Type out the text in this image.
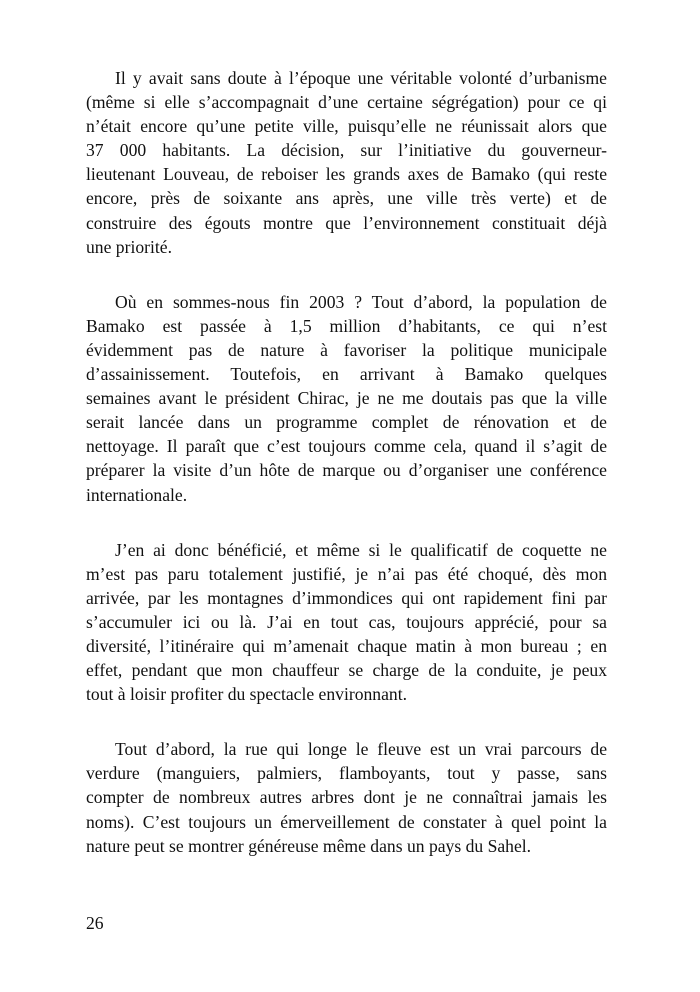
Il y avait sans doute à l’époque une véritable volonté d’urbanisme
(même si elle s’accompagnait d’une certaine ségrégation) pour ce qi
n’était encore qu’une petite ville, puisqu’elle ne réunissait alors que
37 000 habitants. La décision, sur l’initiative du gouverneur-
lieutenant Louveau, de reboiser les grands axes de Bamako (qui reste
encore, près de soixante ans après, une ville très verte) et de
construire des égouts montre que l’environnement constituait déjà
une priorité.
Où en sommes-nous fin 2003 ? Tout d’abord, la population de
Bamako est passée à 1,5 million d’habitants, ce qui n’est
évidemment pas de nature à favoriser la politique municipale
d’assainissement. Toutefois, en arrivant à Bamako quelques
semaines avant le président Chirac, je ne me doutais pas que la ville
serait lancée dans un programme complet de rénovation et de
nettoyage. Il paraît que c’est toujours comme cela, quand il s’agit de
préparer la visite d’un hôte de marque ou d’organiser une conférence
internationale.
J’en ai donc bénéficié, et même si le qualificatif de coquette ne
m’est pas paru totalement justifié, je n’ai pas été choqué, dès mon
arrivée, par les montagnes d’immondices qui ont rapidement fini par
s’accumuler ici ou là. J’ai en tout cas, toujours apprécié, pour sa
diversité, l’itinéraire qui m’amenait chaque matin à mon bureau ; en
effet, pendant que mon chauffeur se charge de la conduite, je peux
tout à loisir profiter du spectacle environnant.
Tout d’abord, la rue qui longe le fleuve est un vrai parcours de
verdure (manguiers, palmiers, flamboyants, tout y passe, sans
compter de nombreux autres arbres dont je ne connaîtrai jamais les
noms). C’est toujours un émerveillement de constater à quel point la
nature peut se montrer généreuse même dans un pays du Sahel.
26
